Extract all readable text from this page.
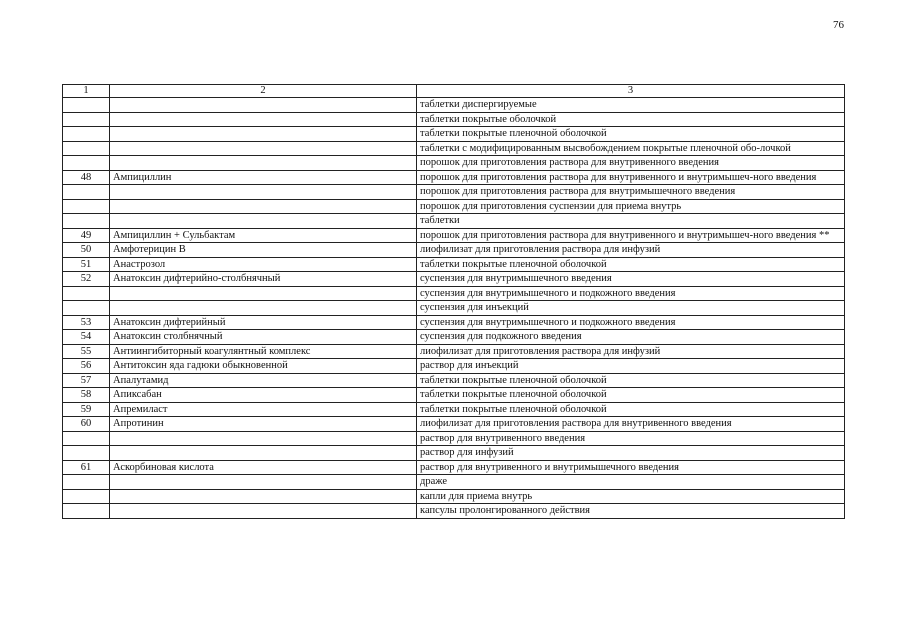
76
1	2	3
		таблетки диспергируемые
		таблетки покрытые оболочкой
		таблетки покрытые пленочной оболочкой
		таблетки с модифицированным высвобождением покрытые пленочной обо-лочкой
		порошок для приготовления раствора для внутривенного введения
48	Ампициллин	порошок для приготовления раствора для внутривенного и внутримышеч-ного введения
		порошок для приготовления раствора для внутримышечного введения
		порошок для приготовления суспензии для приема внутрь
		таблетки
49	Ампициллин + Сульбактам	порошок для приготовления раствора для внутривенного и внутримышеч-ного введения **
50	Амфотерицин В	лиофилизат для приготовления раствора для инфузий
51	Анастрозол	таблетки покрытые пленочной оболочкой
52	Анатоксин дифтерийно-столбнячный	суспензия для внутримышечного введения
		суспензия для внутримышечного и подкожного введения
		суспензия для инъекций
53	Анатоксин дифтерийный	суспензия для внутримышечного и подкожного введения
54	Анатоксин столбнячный	суспензия для подкожного введения
55	Антиингибиторный коагулянтный комплекс	лиофилизат для приготовления раствора для инфузий
56	Антитоксин яда гадюки обыкновенной	раствор для инъекций
57	Апалутамид	таблетки покрытые пленочной оболочкой
58	Апиксабан	таблетки покрытые пленочной оболочкой
59	Апремиласт	таблетки покрытые пленочной оболочкой
60	Апротинин	лиофилизат для приготовления раствора для внутривенного введения
		раствор для внутривенного введения
		раствор для инфузий
61	Аскорбиновая кислота	раствор для внутривенного и внутримышечного введения
		драже
		капли для приема внутрь
		капсулы пролонгированного действия
